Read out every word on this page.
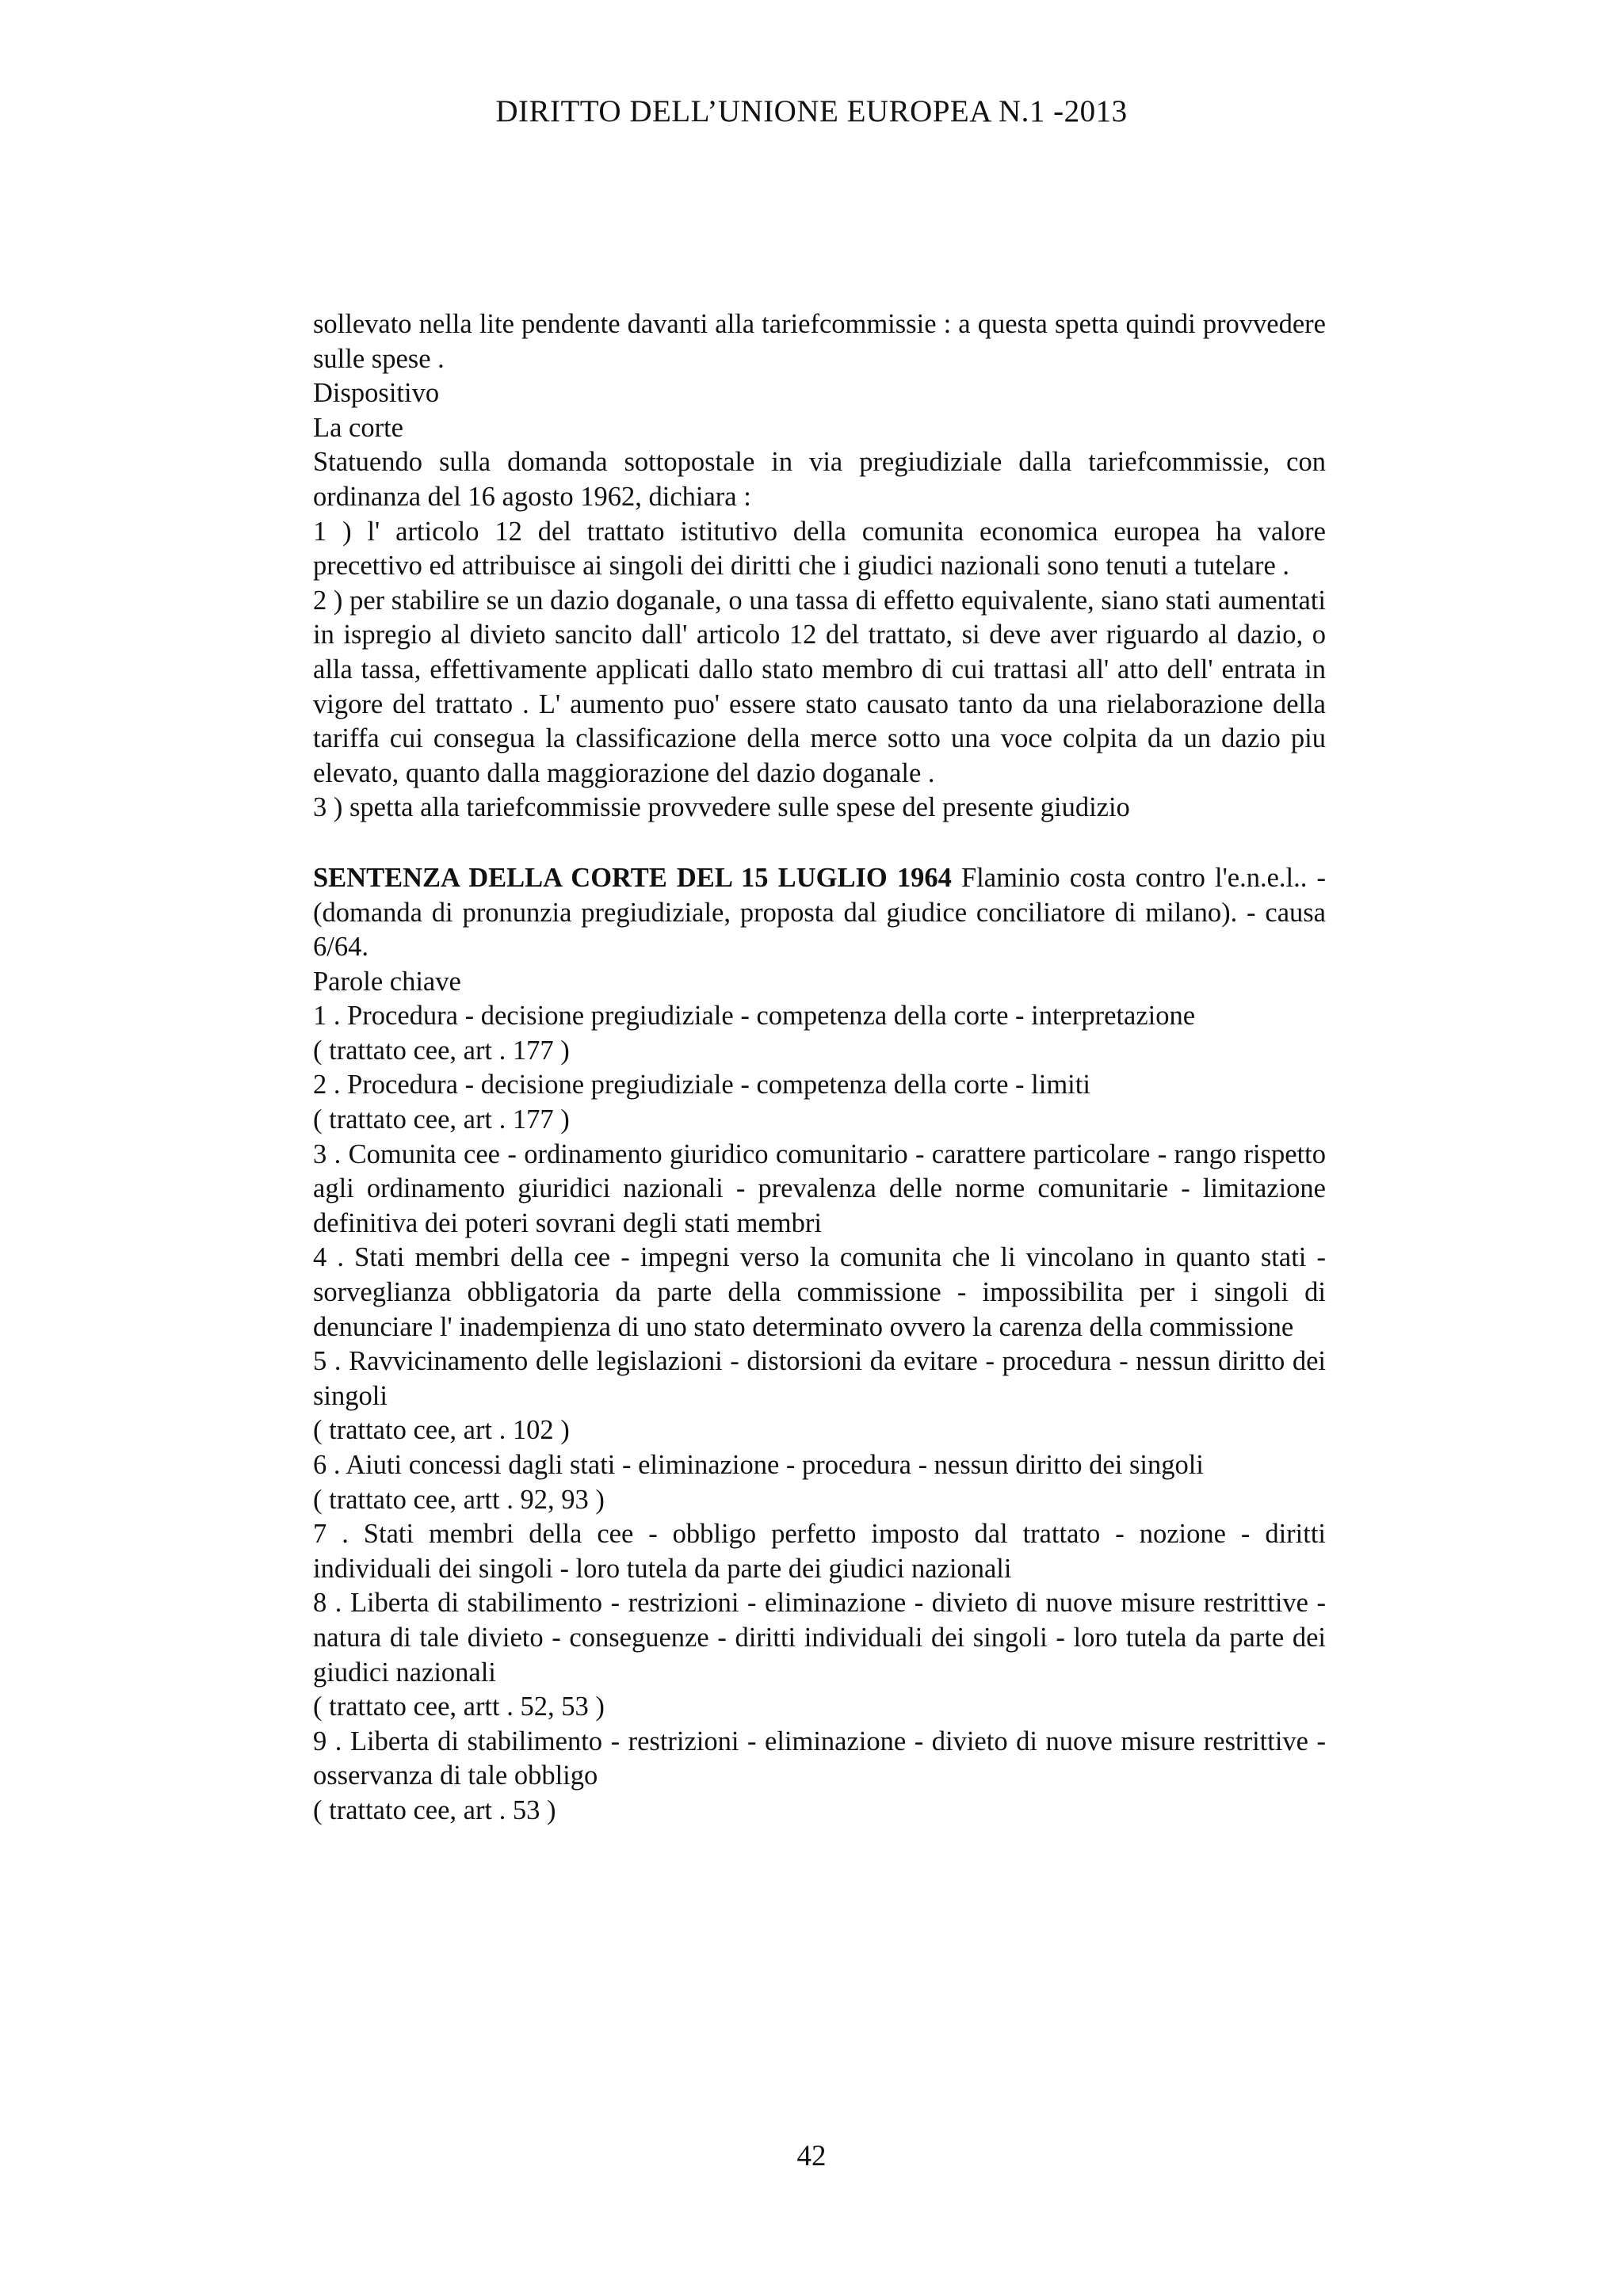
DIRITTO DELL’UNIONE EUROPEA N.1 -2013

sollevato nella lite pendente davanti alla tariefcommissie : a questa spetta quindi provvedere sulle spese .

Dispositivo

La corte

Statuendo sulla domanda sottopostale in via pregiudiziale dalla tariefcommissie, con ordinanza del 16 agosto 1962, dichiara :

1 ) l' articolo 12 del trattato istitutivo della comunita economica europea ha valore precettivo ed attribuisce ai singoli dei diritti che i giudici nazionali sono tenuti a tutelare .

2 ) per stabilire se un dazio doganale, o una tassa di effetto equivalente, siano stati aumentati in ispregio al divieto sancito dall' articolo 12 del trattato, si deve aver riguardo al dazio, o alla tassa, effettivamente applicati dallo stato membro di cui trattasi all' atto dell' entrata in vigore del trattato . L' aumento puo' essere stato causato tanto da una rielaborazione della tariffa cui consegua la classificazione della merce sotto una voce colpita da un dazio piu elevato, quanto dalla maggiorazione del dazio doganale .

3 ) spetta alla tariefcommissie provvedere sulle spese del presente giudizio

SENTENZA DELLA CORTE DEL 15 LUGLIO 1964 Flaminio costa contro l'e.n.e.l.. - (domanda di pronunzia pregiudiziale, proposta dal giudice conciliatore di milano). - causa 6/64.

Parole chiave

1 . Procedura - decisione pregiudiziale - competenza della corte - interpretazione

( trattato cee, art . 177 )

2 . Procedura - decisione pregiudiziale - competenza della corte - limiti

( trattato cee, art . 177 )

3 . Comunita cee - ordinamento giuridico comunitario - carattere particolare - rango rispetto agli ordinamento giuridici nazionali - prevalenza delle norme comunitarie - limitazione definitiva dei poteri sovrani degli stati membri

4 . Stati membri della cee - impegni verso la comunita che li vincolano in quanto stati - sorveglianza obbligatoria da parte della commissione - impossibilita per i singoli di denunciare l' inadempienza di uno stato determinato ovvero la carenza della commissione

5 . Ravvicinamento delle legislazioni - distorsioni da evitare - procedura - nessun diritto dei singoli

( trattato cee, art . 102 )

6 . Aiuti concessi dagli stati - eliminazione - procedura - nessun diritto dei singoli

( trattato cee, artt . 92, 93 )

7 . Stati membri della cee - obbligo perfetto imposto dal trattato - nozione - diritti individuali dei singoli - loro tutela da parte dei giudici nazionali

8 . Liberta di stabilimento - restrizioni - eliminazione - divieto di nuove misure restrittive - natura di tale divieto - conseguenze - diritti individuali dei singoli - loro tutela da parte dei giudici nazionali

( trattato cee, artt . 52, 53 )

9 . Liberta di stabilimento - restrizioni - eliminazione - divieto di nuove misure restrittive - osservanza di tale obbligo

( trattato cee, art . 53 )

42
